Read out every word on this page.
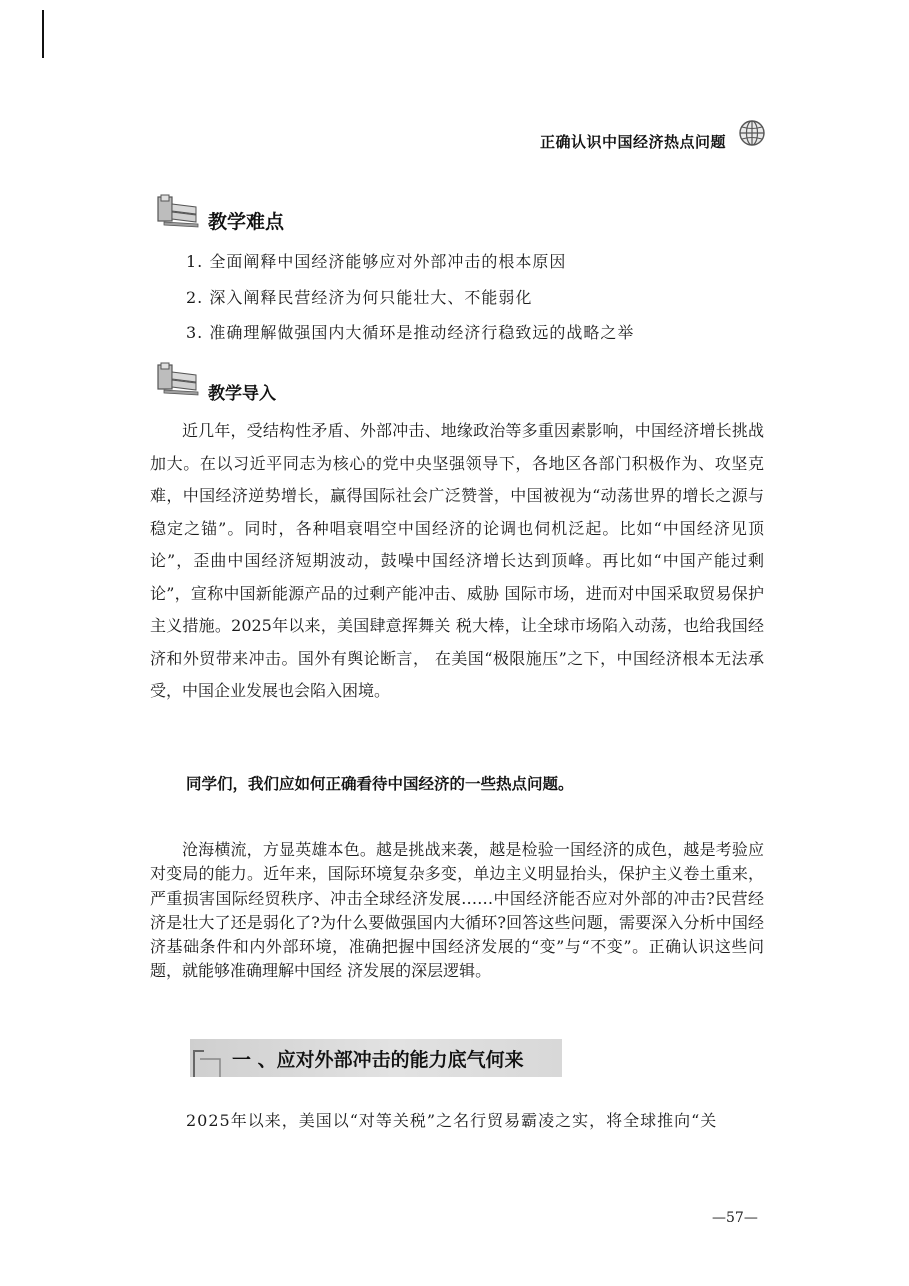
正确认识中国经济热点问题
教学难点
1. 全面阐释中国经济能够应对外部冲击的根本原因
2. 深入阐释民营经济为何只能壮大、不能弱化
3. 准确理解做强国内大循环是推动经济行稳致远的战略之举
教学导入

近几年，受结构性矛盾、外部冲击、地缘政治等多重因素影响，中国经济增长挑战加大。在以习近平同志为核心的党中央坚强领导下，各地区各部门积极作为、攻坚克难，中国经济逆势增长，赢得国际社会广泛赞誉，中国被视为“动荡世界的增长之源与稳定之锚”。同时，各种唱衰唱空中国经济的论调也伺机泛起。比如“中国经济见顶论”，歪曲中国经济短期波动，鼓噪中国经济增长达到顶峰。再比如“中国产能过剩论”，宣称中国新能源产品的过剩产能冲击、威胁 国际市场，进而对中国采取贸易保护主义措施。2025年以来，美国肆意挥舞关 税大棒，让全球市场陷入动荡，也给我国经济和外贸带来冲击。国外有舆论断言， 在美国“极限施压”之下，中国经济根本无法承受，中国企业发展也会陷入困境。

同学们，我们应如何正确看待中国经济的一些热点问题。

沧海横流，方显英雄本色。越是挑战来袭，越是检验一国经济的成色，越是考验应对变局的能力。近年来，国际环境复杂多变，单边主义明显抬头，保护主义卷土重来，严重损害国际经贸秩序、冲击全球经济发展……中国经济能否应对外部的冲击?民营经济是壮大了还是弱化了?为什么要做强国内大循环?回答这些问题，需要深入分析中国经济基础条件和内外部环境，准确把握中国经济发展的“变”与“不变”。正确认识这些问题，就能够准确理解中国经 济发展的深层逻辑。

一 、应对外部冲击的能力底气何来
2025年以来，美国以“对等关税”之名行贸易霸凌之实，将全球推向“关
—57—
